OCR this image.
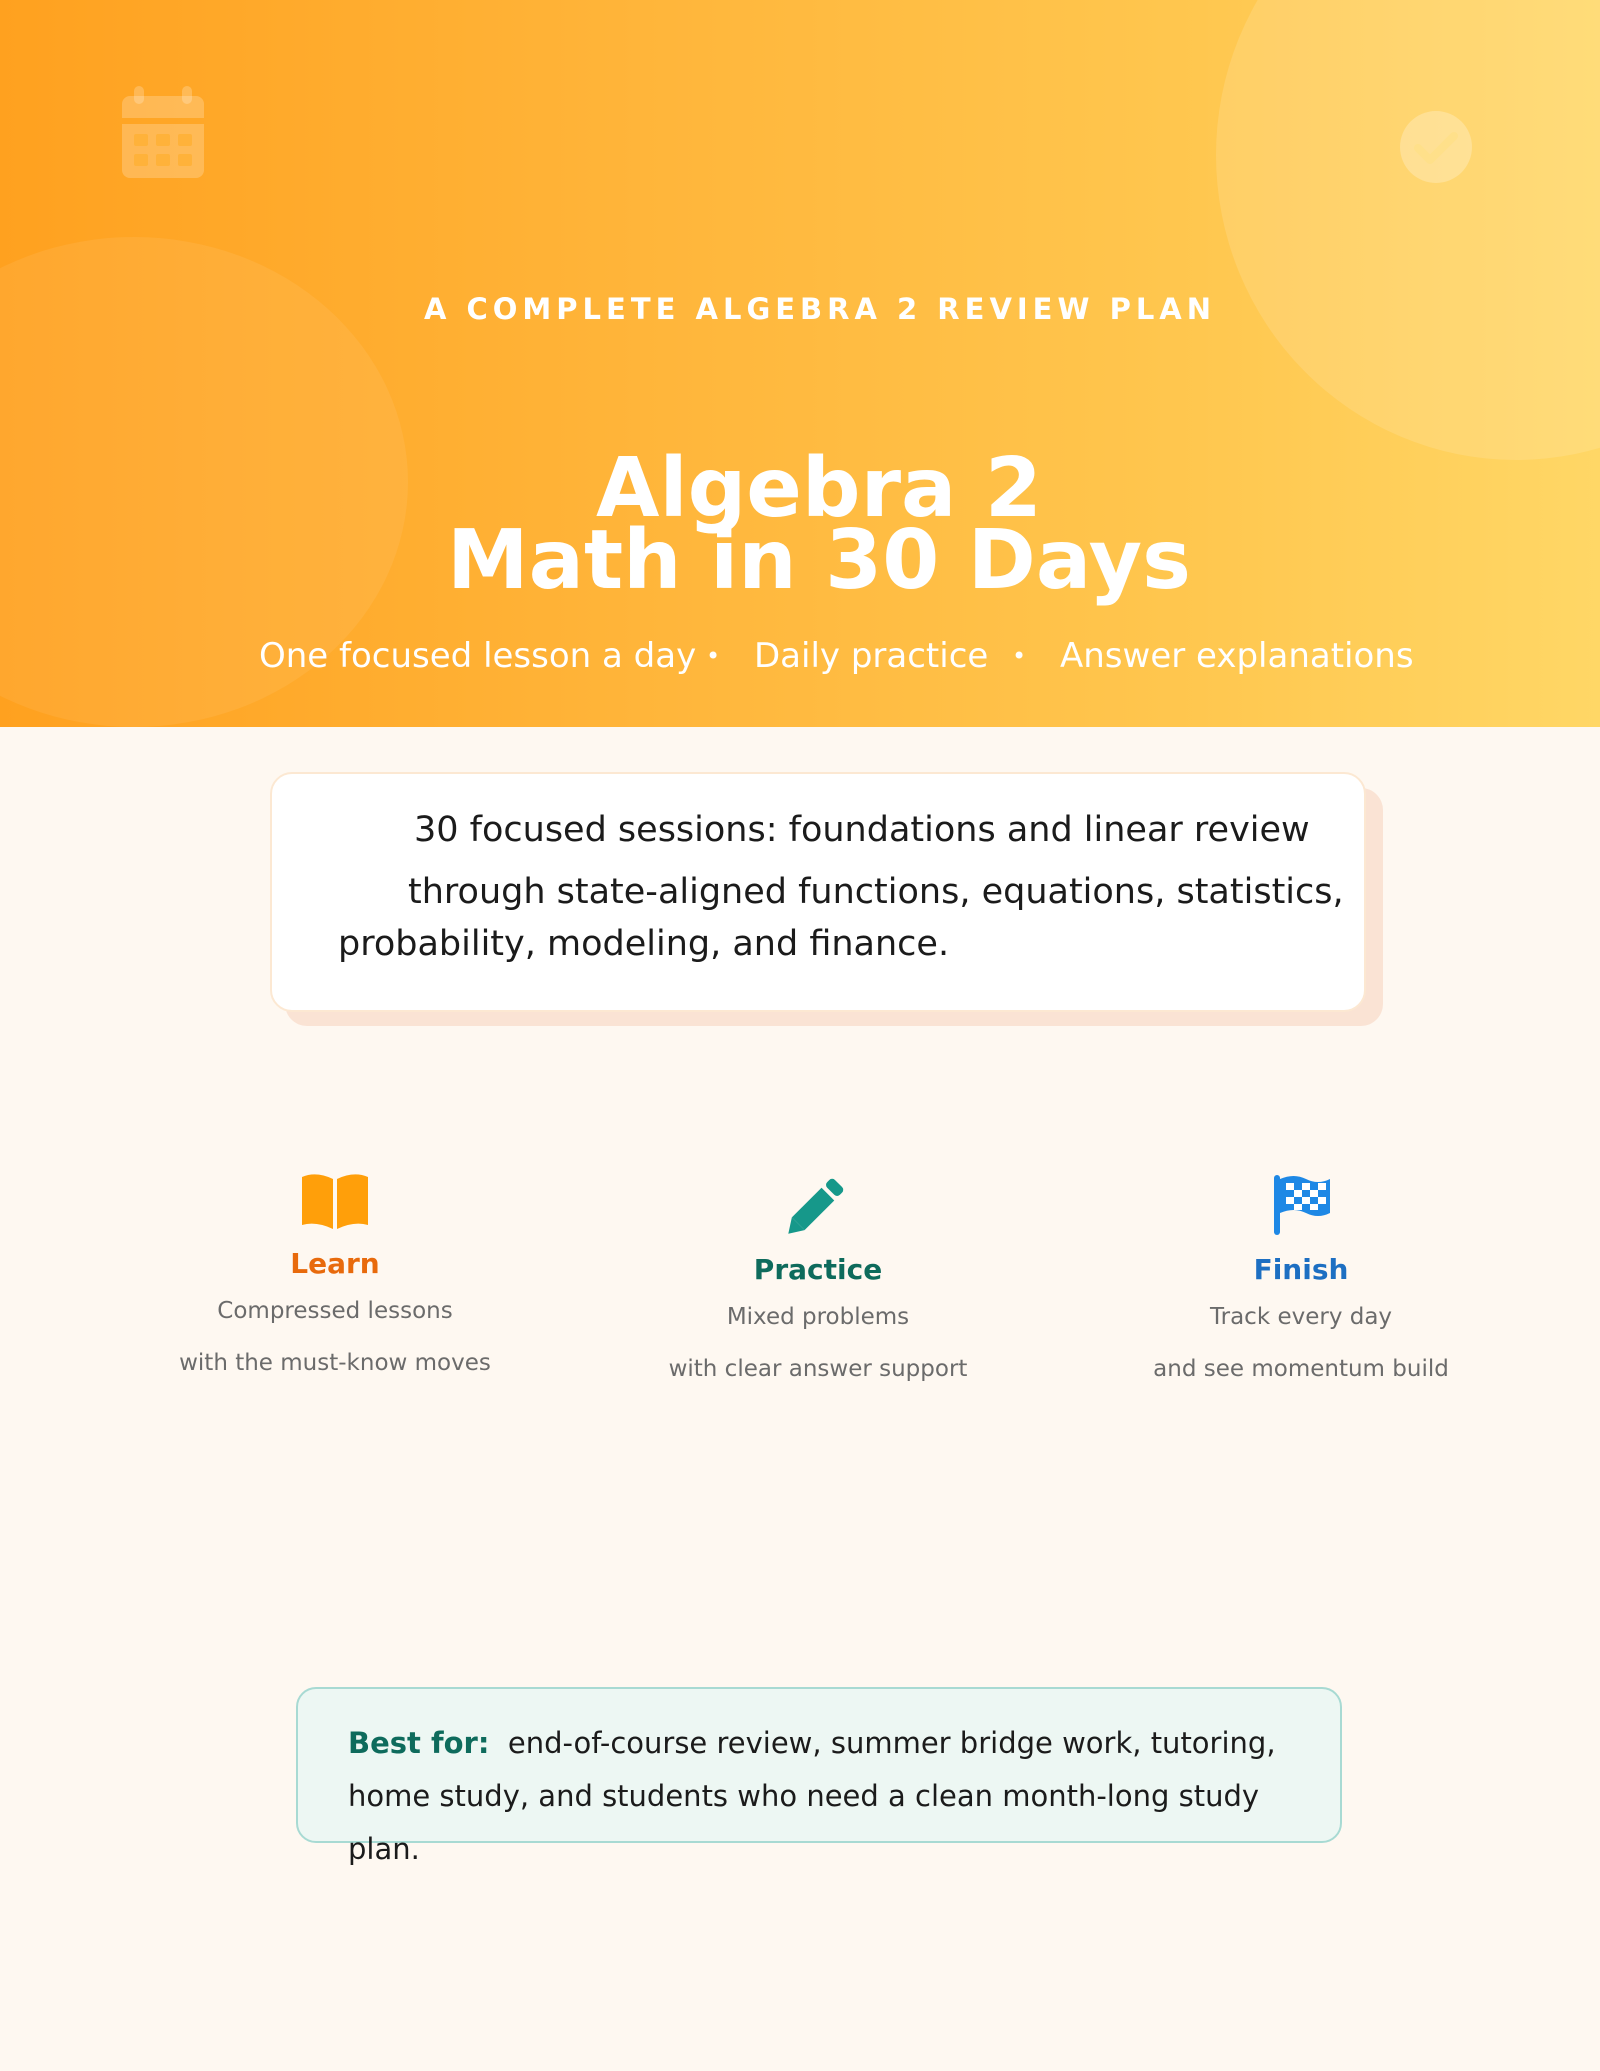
A COMPLETE ALGEBRA 2 REVIEW PLAN
Algebra 2
Math in 30 Days
One focused lesson a day • Daily practice • Answer explanations
30 focused sessions: foundations and linear review
through state-aligned functions, equations, statistics,
probability, modeling, and finance.
Learn
Compressed lessons
with the must-know moves
Practice
Mixed problems
with clear answer support
Finish
Track every day
and see momentum build
Best for: end-of-course review, summer bridge work, tutoring, home study, and students who need a clean month-long study plan.
